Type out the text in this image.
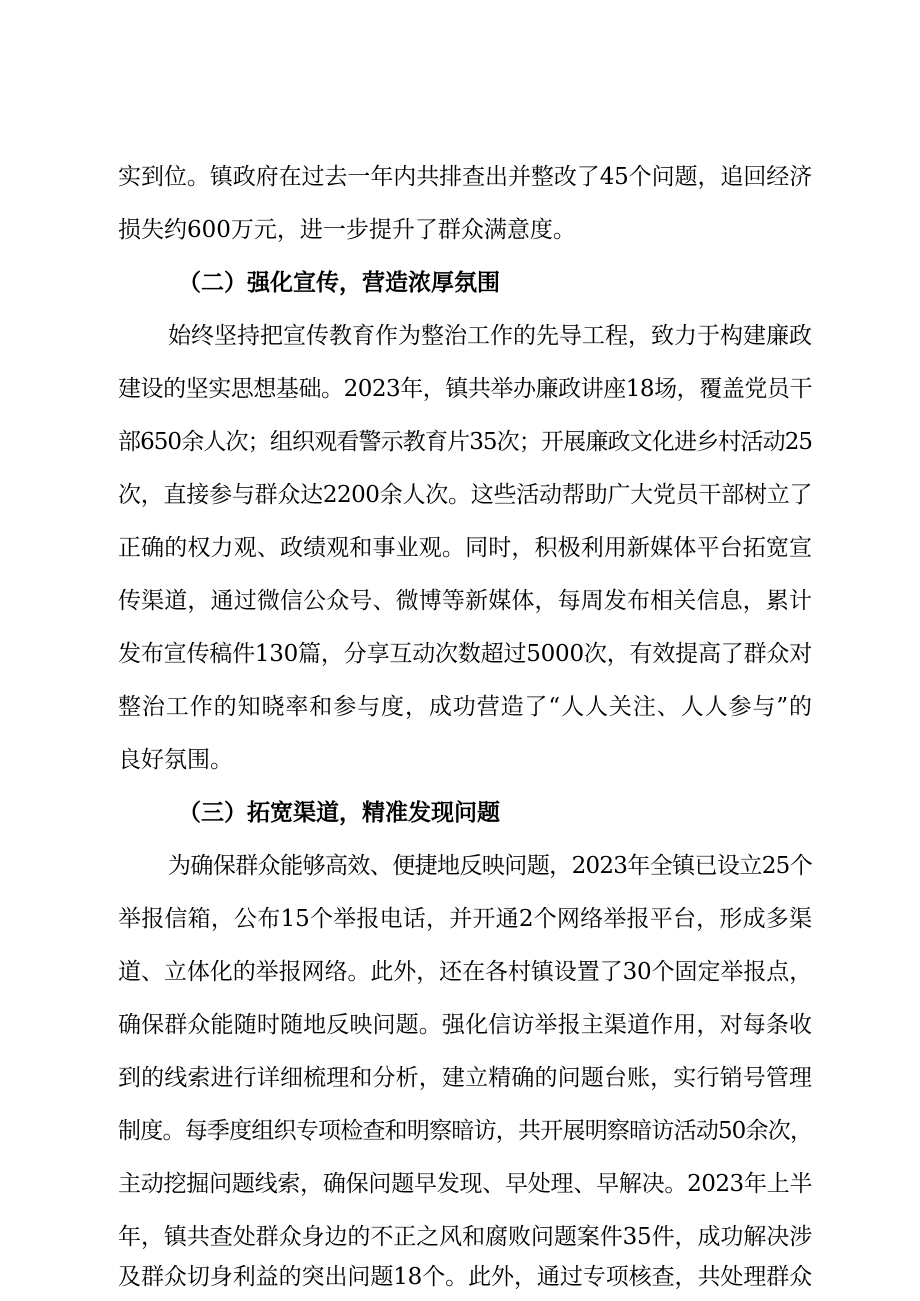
实到位。镇政府在过去一年内共排查出并整改了45个问题，追回经济
损失约600万元，进一步提升了群众满意度。
（二）强化宣传，营造浓厚氛围
始终坚持把宣传教育作为整治工作的先导工程，致力于构建廉政
建设的坚实思想基础。2023年，镇共举办廉政讲座18场，覆盖党员干
部650余人次；组织观看警示教育片35次；开展廉政文化进乡村活动25
次，直接参与群众达2200余人次。这些活动帮助广大党员干部树立了
正确的权力观、政绩观和事业观。同时，积极利用新媒体平台拓宽宣
传渠道，通过微信公众号、微博等新媒体，每周发布相关信息，累计
发布宣传稿件130篇，分享互动次数超过5000次，有效提高了群众对
整治工作的知晓率和参与度，成功营造了“人人关注、人人参与”的
良好氛围。
（三）拓宽渠道，精准发现问题
为确保群众能够高效、便捷地反映问题，2023年全镇已设立25个
举报信箱，公布15个举报电话，并开通2个网络举报平台，形成多渠
道、立体化的举报网络。此外，还在各村镇设置了30个固定举报点，
确保群众能随时随地反映问题。强化信访举报主渠道作用，对每条收
到的线索进行详细梳理和分析，建立精确的问题台账，实行销号管理
制度。每季度组织专项检查和明察暗访，共开展明察暗访活动50余次，
主动挖掘问题线索，确保问题早发现、早处理、早解决。2023年上半
年，镇共查处群众身边的不正之风和腐败问题案件35件，成功解决涉
及群众切身利益的突出问题18个。此外，通过专项核查，共处理群众
